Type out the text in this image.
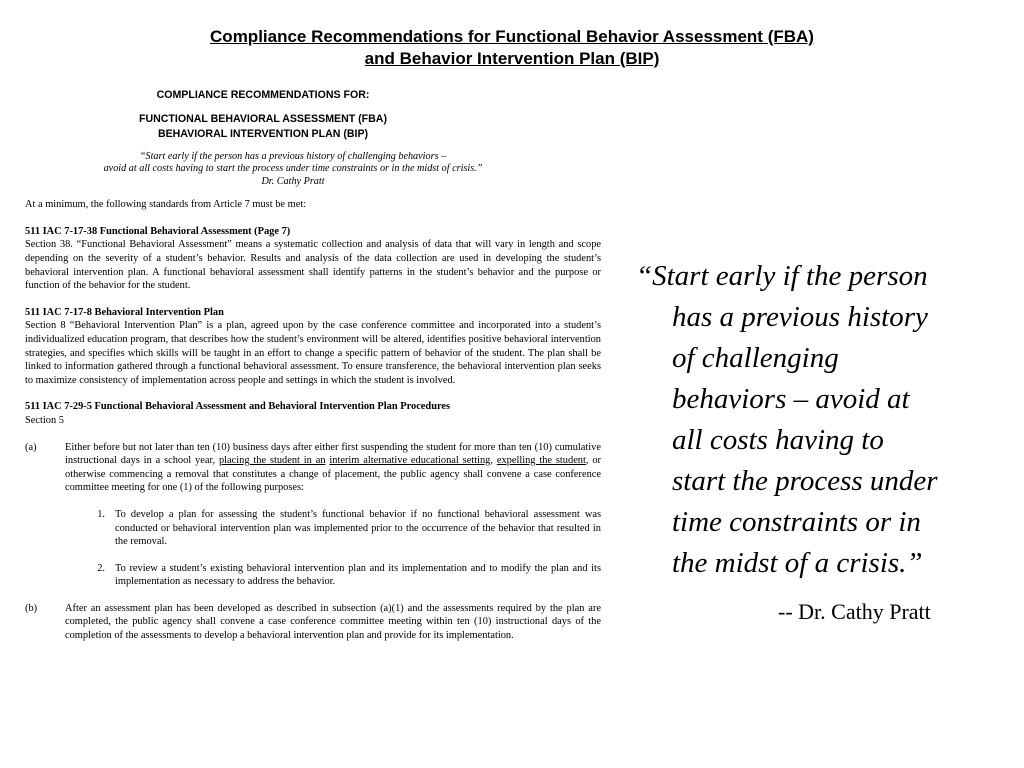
Compliance Recommendations for Functional Behavior Assessment (FBA)
and Behavior Intervention Plan (BIP)
COMPLIANCE RECOMMENDATIONS FOR:
FUNCTIONAL BEHAVIORAL ASSESSMENT (FBA)
BEHAVIORAL INTERVENTION PLAN (BIP)
“Start early if the person has a previous history of challenging behaviors –
avoid at all costs having to start the process under time constraints or in the midst of crisis.”
Dr. Cathy Pratt
At a minimum, the following standards from Article 7 must be met:
511 IAC 7-17-38 Functional Behavioral Assessment (Page 7)
Section 38. “Functional Behavioral Assessment” means a systematic collection and analysis of data that will vary in length and scope depending on the severity of a student’s behavior. Results and analysis of the data collection are used in developing the student’s behavioral intervention plan. A functional behavioral assessment shall identify patterns in the student’s behavior and the purpose or function of the behavior for the student.
511 IAC 7-17-8 Behavioral Intervention Plan
Section 8 “Behavioral Intervention Plan” is a plan, agreed upon by the case conference committee and incorporated into a student’s individualized education program, that describes how the student’s environment will be altered, identifies positive behavioral intervention strategies, and specifies which skills will be taught in an effort to change a specific pattern of behavior of the student. The plan shall be linked to information gathered through a functional behavioral assessment. To ensure transference, the behavioral intervention plan seeks to maximize consistency of implementation across people and settings in which the student is involved.
511 IAC 7-29-5 Functional Behavioral Assessment and Behavioral Intervention Plan Procedures
Section 5
(a)	Either before but not later than ten (10) business days after either first suspending the student for more than ten (10) cumulative instructional days in a school year, placing the student in an interim alternative educational setting, expelling the student, or otherwise commencing a removal that constitutes a change of placement, the public agency shall convene a case conference committee meeting for one (1) of the following purposes:
1. To develop a plan for assessing the student’s functional behavior if no functional behavioral assessment was conducted or behavioral intervention plan was implemented prior to the occurrence of the behavior that resulted in the removal.
2. To review a student’s existing behavioral intervention plan and its implementation and to modify the plan and its implementation as necessary to address the behavior.
(b)	After an assessment plan has been developed as described in subsection (a)(1) and the assessments required by the plan are completed, the public agency shall convene a case conference committee meeting within ten (10) instructional days of the completion of the assessments to develop a behavioral intervention plan and provide for its implementation.
“Start early if the person
has a previous history
of challenging
behaviors – avoid at
all costs having to
start the process under
time constraints or in
the midst of a crisis.”
-- Dr. Cathy Pratt
